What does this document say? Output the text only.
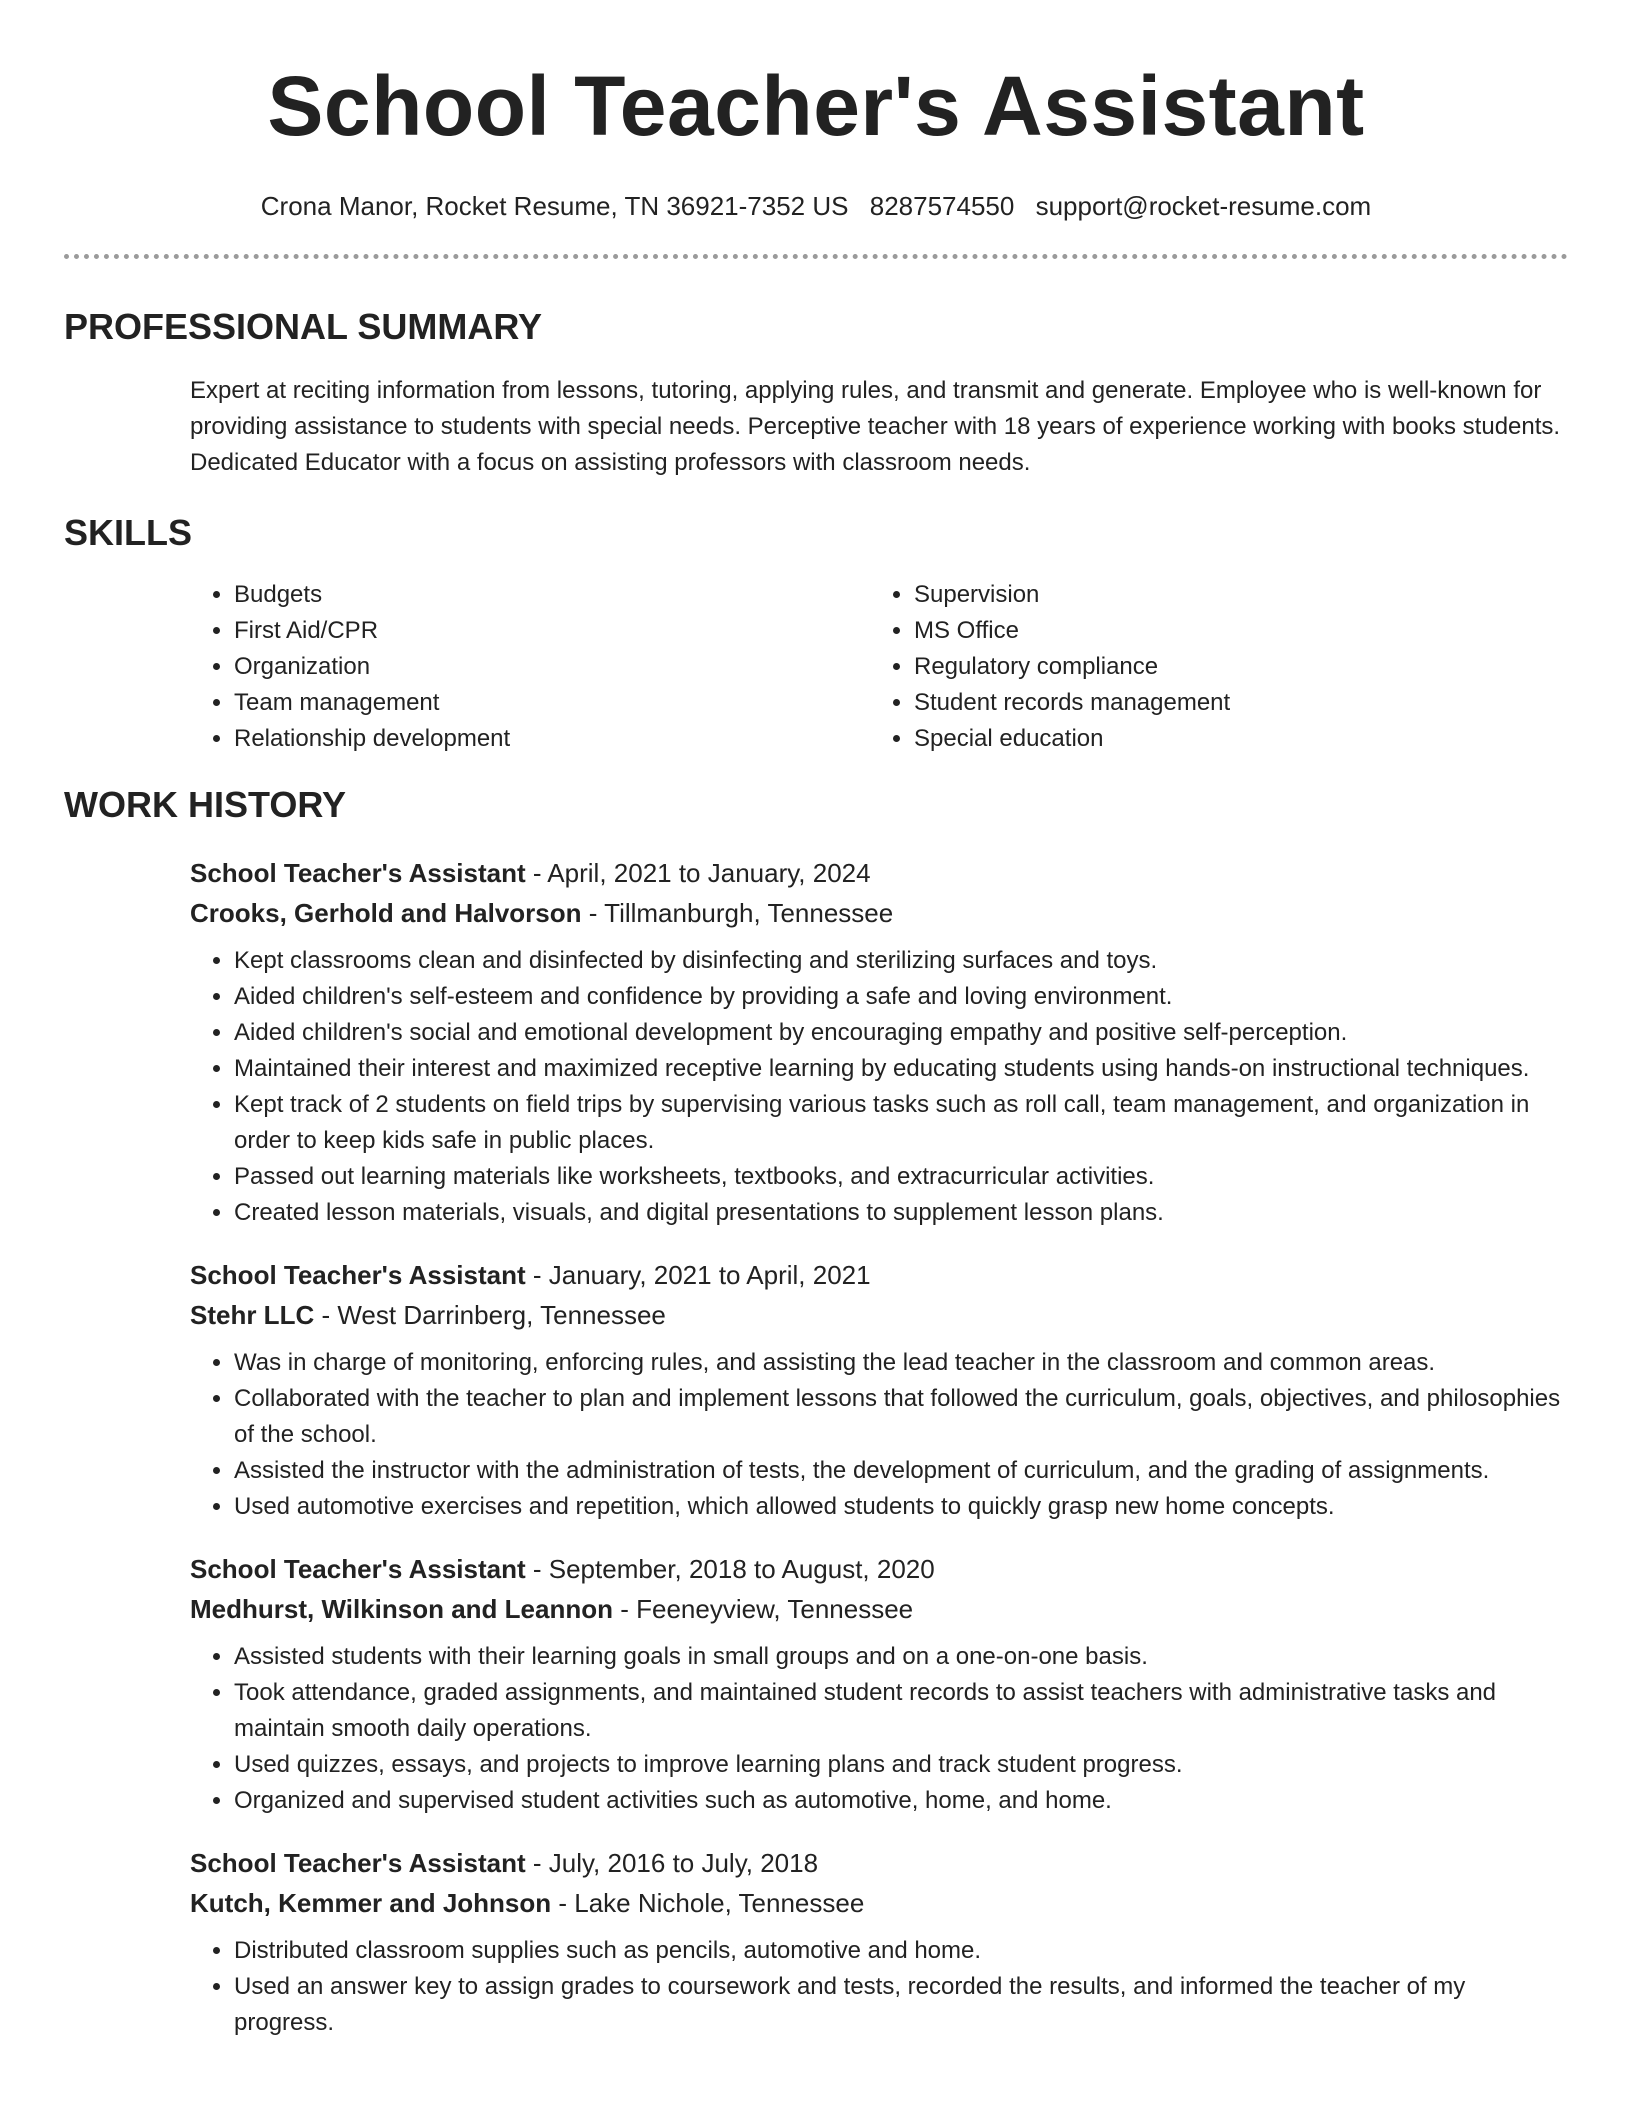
School Teacher's Assistant
Crona Manor, Rocket Resume, TN 36921-7352 US 8287574550 support@rocket-resume.com
PROFESSIONAL SUMMARY

Expert at reciting information from lessons, tutoring, applying rules, and transmit and generate. Employee who is well-known for providing assistance to students with special needs. Perceptive teacher with 18 years of experience working with books students. Dedicated Educator with a focus on assisting professors with classroom needs.

SKILLS
• Budgets
• First Aid/CPR
• Organization
• Team management
• Relationship development
• Supervision
• MS Office
• Regulatory compliance
• Student records management
• Special education
WORK HISTORY
School Teacher's Assistant - April, 2021 to January, 2024
Crooks, Gerhold and Halvorson - Tillmanburgh, Tennessee
• Kept classrooms clean and disinfected by disinfecting and sterilizing surfaces and toys.
• Aided children's self-esteem and confidence by providing a safe and loving environment.
• Aided children's social and emotional development by encouraging empathy and positive self-perception.
• Maintained their interest and maximized receptive learning by educating students using hands-on instructional techniques.
• Kept track of 2 students on field trips by supervising various tasks such as roll call, team management, and organization in order to keep kids safe in public places.
• Passed out learning materials like worksheets, textbooks, and extracurricular activities.
• Created lesson materials, visuals, and digital presentations to supplement lesson plans.
School Teacher's Assistant - January, 2021 to April, 2021
Stehr LLC - West Darrinberg, Tennessee
• Was in charge of monitoring, enforcing rules, and assisting the lead teacher in the classroom and common areas.
• Collaborated with the teacher to plan and implement lessons that followed the curriculum, goals, objectives, and philosophies of the school.
• Assisted the instructor with the administration of tests, the development of curriculum, and the grading of assignments.
• Used automotive exercises and repetition, which allowed students to quickly grasp new home concepts.
School Teacher's Assistant - September, 2018 to August, 2020
Medhurst, Wilkinson and Leannon - Feeneyview, Tennessee
• Assisted students with their learning goals in small groups and on a one-on-one basis.
• Took attendance, graded assignments, and maintained student records to assist teachers with administrative tasks and maintain smooth daily operations.
• Used quizzes, essays, and projects to improve learning plans and track student progress.
• Organized and supervised student activities such as automotive, home, and home.
School Teacher's Assistant - July, 2016 to July, 2018
Kutch, Kemmer and Johnson - Lake Nichole, Tennessee
• Distributed classroom supplies such as pencils, automotive and home.
• Used an answer key to assign grades to coursework and tests, recorded the results, and informed the teacher of my progress.
